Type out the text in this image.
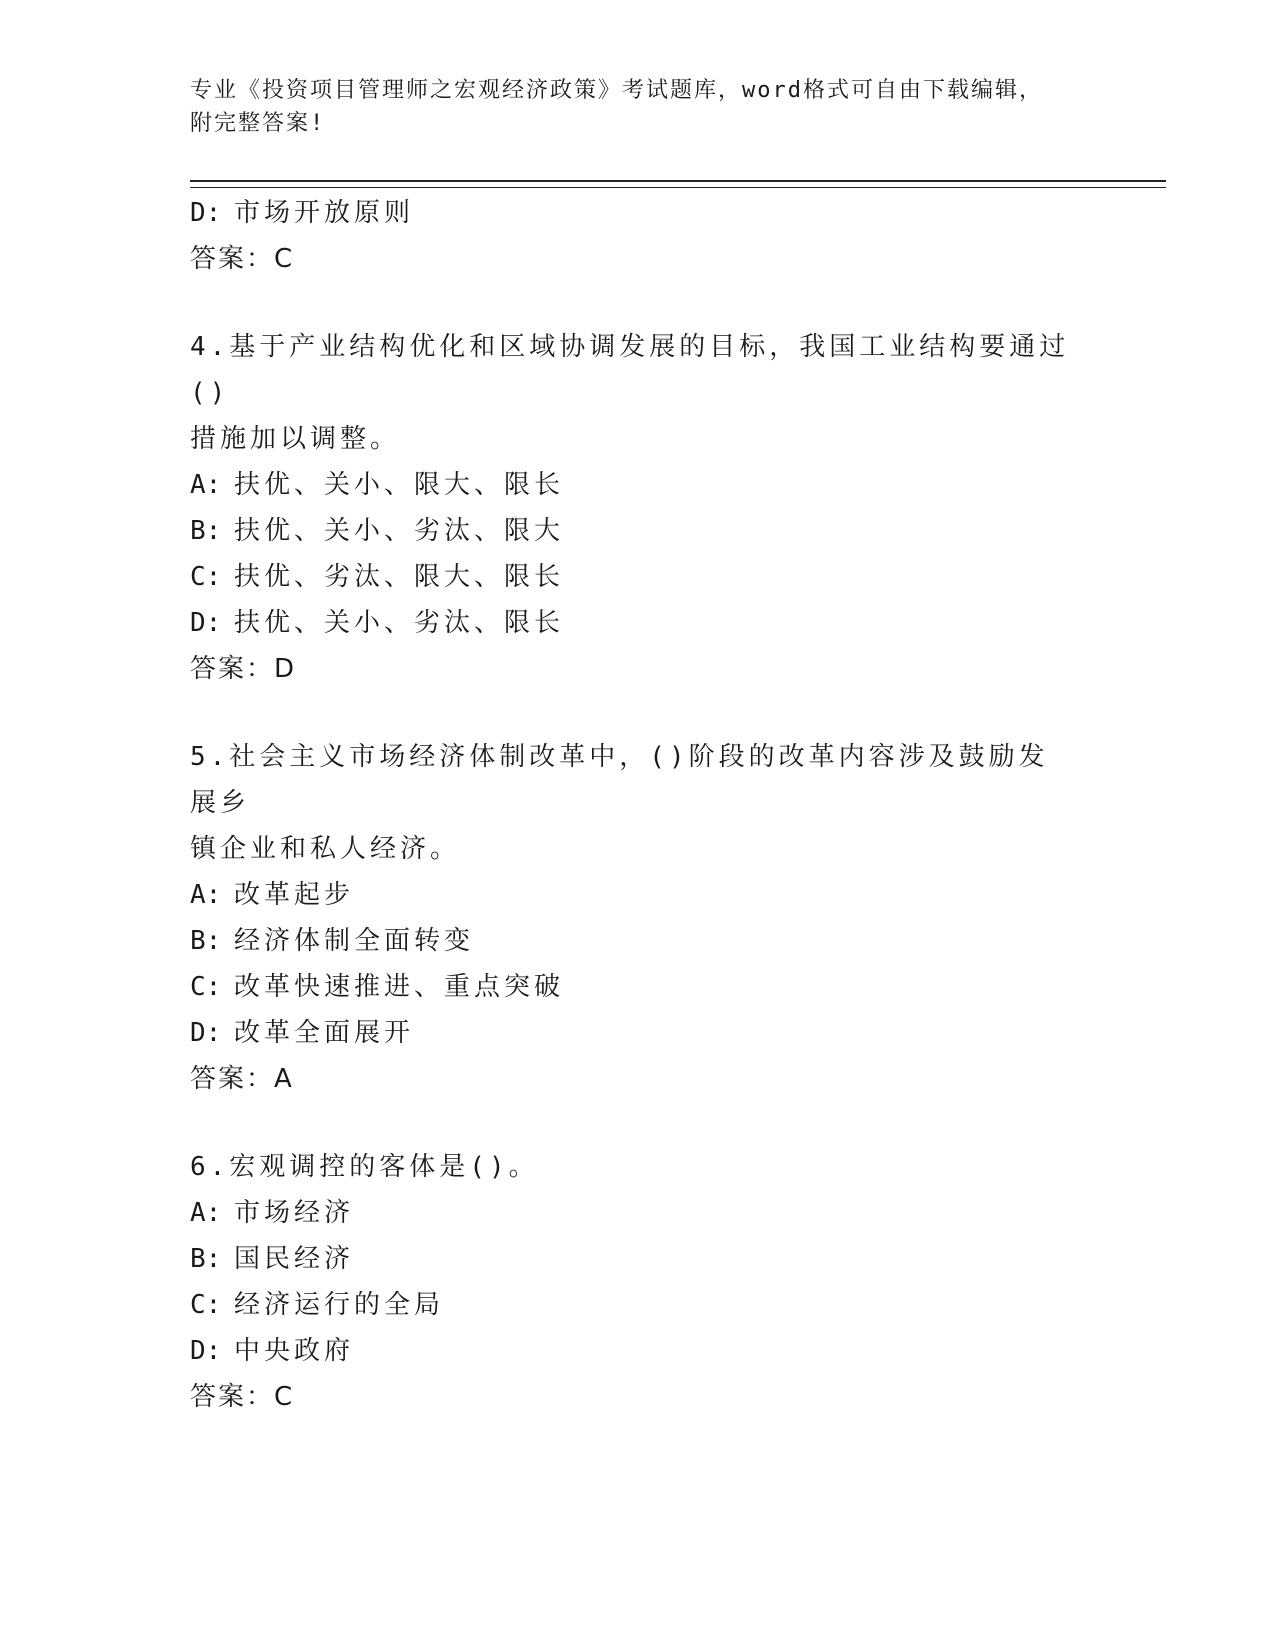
专业《投资项目管理师之宏观经济政策》考试题库，word格式可自由下载编辑，
附完整答案!
D: 市场开放原则
答案：C
4.基于产业结构优化和区域协调发展的目标，我国工业结构要通过()
措施加以调整。
A: 扶优、关小、限大、限长
B: 扶优、关小、劣汰、限大
C: 扶优、劣汰、限大、限长
D: 扶优、关小、劣汰、限长
答案：D
5.社会主义市场经济体制改革中，()阶段的改革内容涉及鼓励发展乡
镇企业和私人经济。
A: 改革起步
B: 经济体制全面转变
C: 改革快速推进、重点突破
D: 改革全面展开
答案：A
6.宏观调控的客体是()。
A: 市场经济
B: 国民经济
C: 经济运行的全局
D: 中央政府
答案：C
